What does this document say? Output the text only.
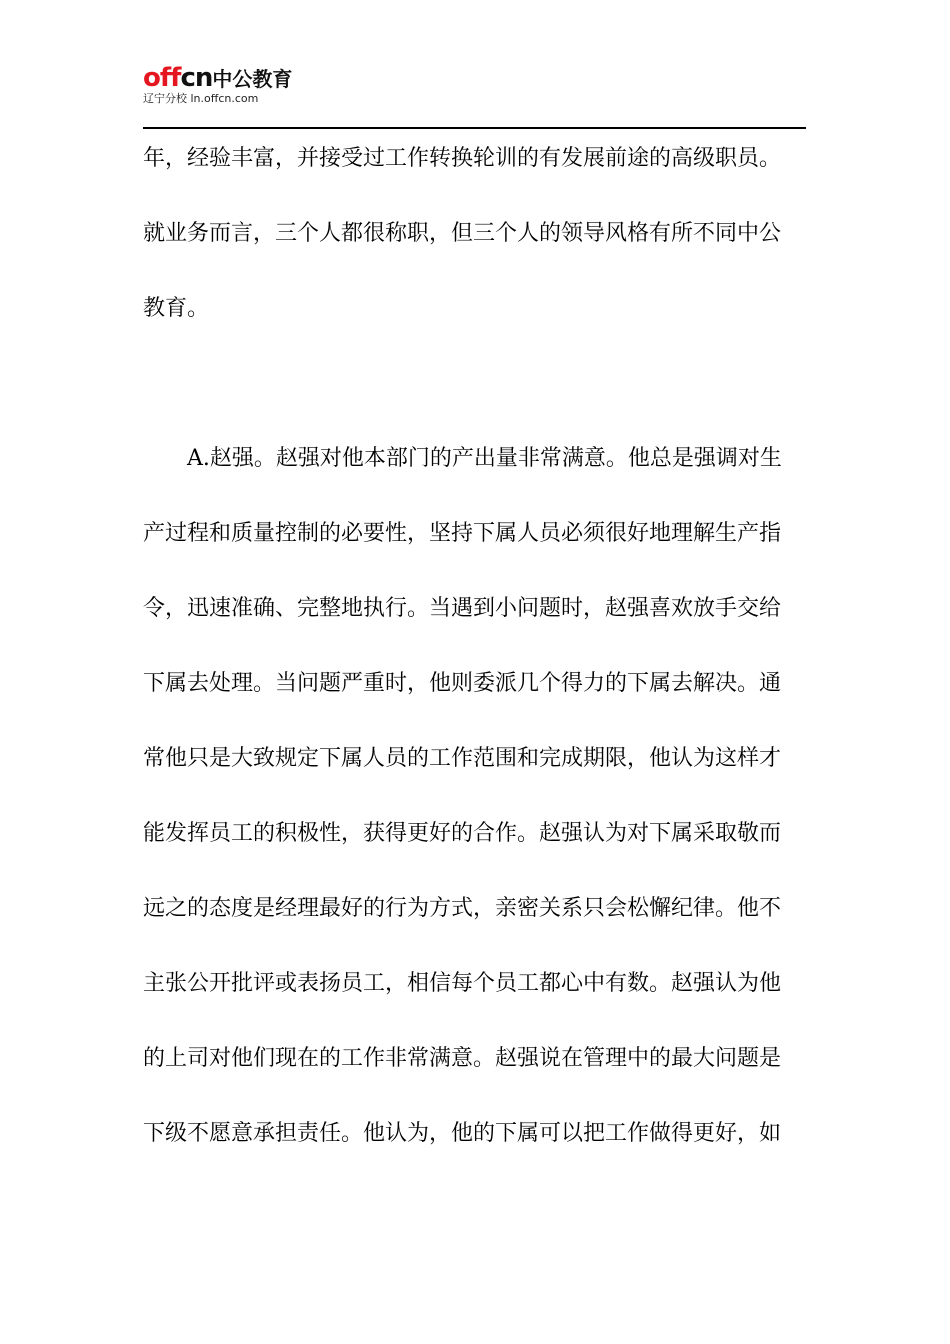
offcn中公教育
辽宁分校 ln.offcn.com
年，经验丰富，并接受过工作转换轮训的有发展前途的高级职员。
就业务而言，三个人都很称职，但三个人的领导风格有所不同中公
教育。
A.赵强。赵强对他本部门的产出量非常满意。他总是强调对生
产过程和质量控制的必要性，坚持下属人员必须很好地理解生产指
令，迅速准确、完整地执行。当遇到小问题时，赵强喜欢放手交给
下属去处理。当问题严重时，他则委派几个得力的下属去解决。通
常他只是大致规定下属人员的工作范围和完成期限，他认为这样才
能发挥员工的积极性，获得更好的合作。赵强认为对下属采取敬而
远之的态度是经理最好的行为方式，亲密关系只会松懈纪律。他不
主张公开批评或表扬员工，相信每个员工都心中有数。赵强认为他
的上司对他们现在的工作非常满意。赵强说在管理中的最大问题是
下级不愿意承担责任。他认为，他的下属可以把工作做得更好，如
